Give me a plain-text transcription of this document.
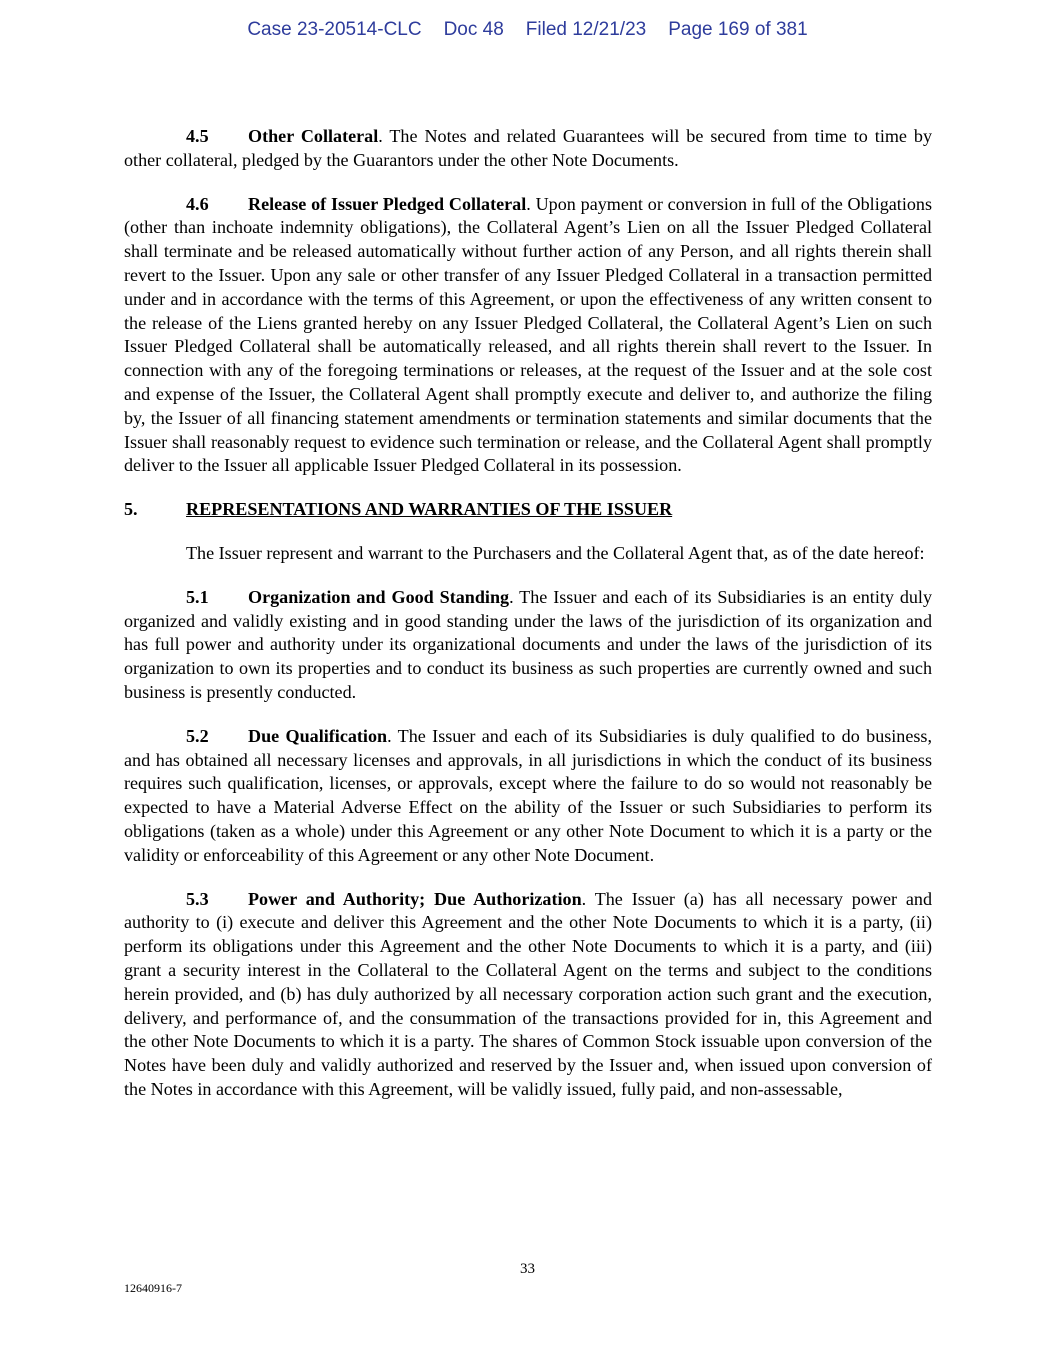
Case 23-20514-CLC Doc 48 Filed 12/21/23 Page 169 of 381

4.5 Other Collateral. The Notes and related Guarantees will be secured from time to time by other collateral, pledged by the Guarantors under the other Note Documents.

4.6 Release of Issuer Pledged Collateral. Upon payment or conversion in full of the Obligations (other than inchoate indemnity obligations), the Collateral Agent’s Lien on all the Issuer Pledged Collateral shall terminate and be released automatically without further action of any Person, and all rights therein shall revert to the Issuer. Upon any sale or other transfer of any Issuer Pledged Collateral in a transaction permitted under and in accordance with the terms of this Agreement, or upon the effectiveness of any written consent to the release of the Liens granted hereby on any Issuer Pledged Collateral, the Collateral Agent’s Lien on such Issuer Pledged Collateral shall be automatically released, and all rights therein shall revert to the Issuer. In connection with any of the foregoing terminations or releases, at the request of the Issuer and at the sole cost and expense of the Issuer, the Collateral Agent shall promptly execute and deliver to, and authorize the filing by, the Issuer of all financing statement amendments or termination statements and similar documents that the Issuer shall reasonably request to evidence such termination or release, and the Collateral Agent shall promptly deliver to the Issuer all applicable Issuer Pledged Collateral in its possession.

5.	REPRESENTATIONS AND WARRANTIES OF THE ISSUER

The Issuer represent and warrant to the Purchasers and the Collateral Agent that, as of the date hereof:

5.1 Organization and Good Standing. The Issuer and each of its Subsidiaries is an entity duly organized and validly existing and in good standing under the laws of the jurisdiction of its organization and has full power and authority under its organizational documents and under the laws of the jurisdiction of its organization to own its properties and to conduct its business as such properties are currently owned and such business is presently conducted.

5.2 Due Qualification. The Issuer and each of its Subsidiaries is duly qualified to do business, and has obtained all necessary licenses and approvals, in all jurisdictions in which the conduct of its business requires such qualification, licenses, or approvals, except where the failure to do so would not reasonably be expected to have a Material Adverse Effect on the ability of the Issuer or such Subsidiaries to perform its obligations (taken as a whole) under this Agreement or any other Note Document to which it is a party or the validity or enforceability of this Agreement or any other Note Document.

5.3 Power and Authority; Due Authorization. The Issuer (a) has all necessary power and authority to (i) execute and deliver this Agreement and the other Note Documents to which it is a party, (ii) perform its obligations under this Agreement and the other Note Documents to which it is a party, and (iii) grant a security interest in the Collateral to the Collateral Agent on the terms and subject to the conditions herein provided, and (b) has duly authorized by all necessary corporation action such grant and the execution, delivery, and performance of, and the consummation of the transactions provided for in, this Agreement and the other Note Documents to which it is a party. The shares of Common Stock issuable upon conversion of the Notes have been duly and validly authorized and reserved by the Issuer and, when issued upon conversion of the Notes in accordance with this Agreement, will be validly issued, fully paid, and non-assessable,

33
12640916-7
